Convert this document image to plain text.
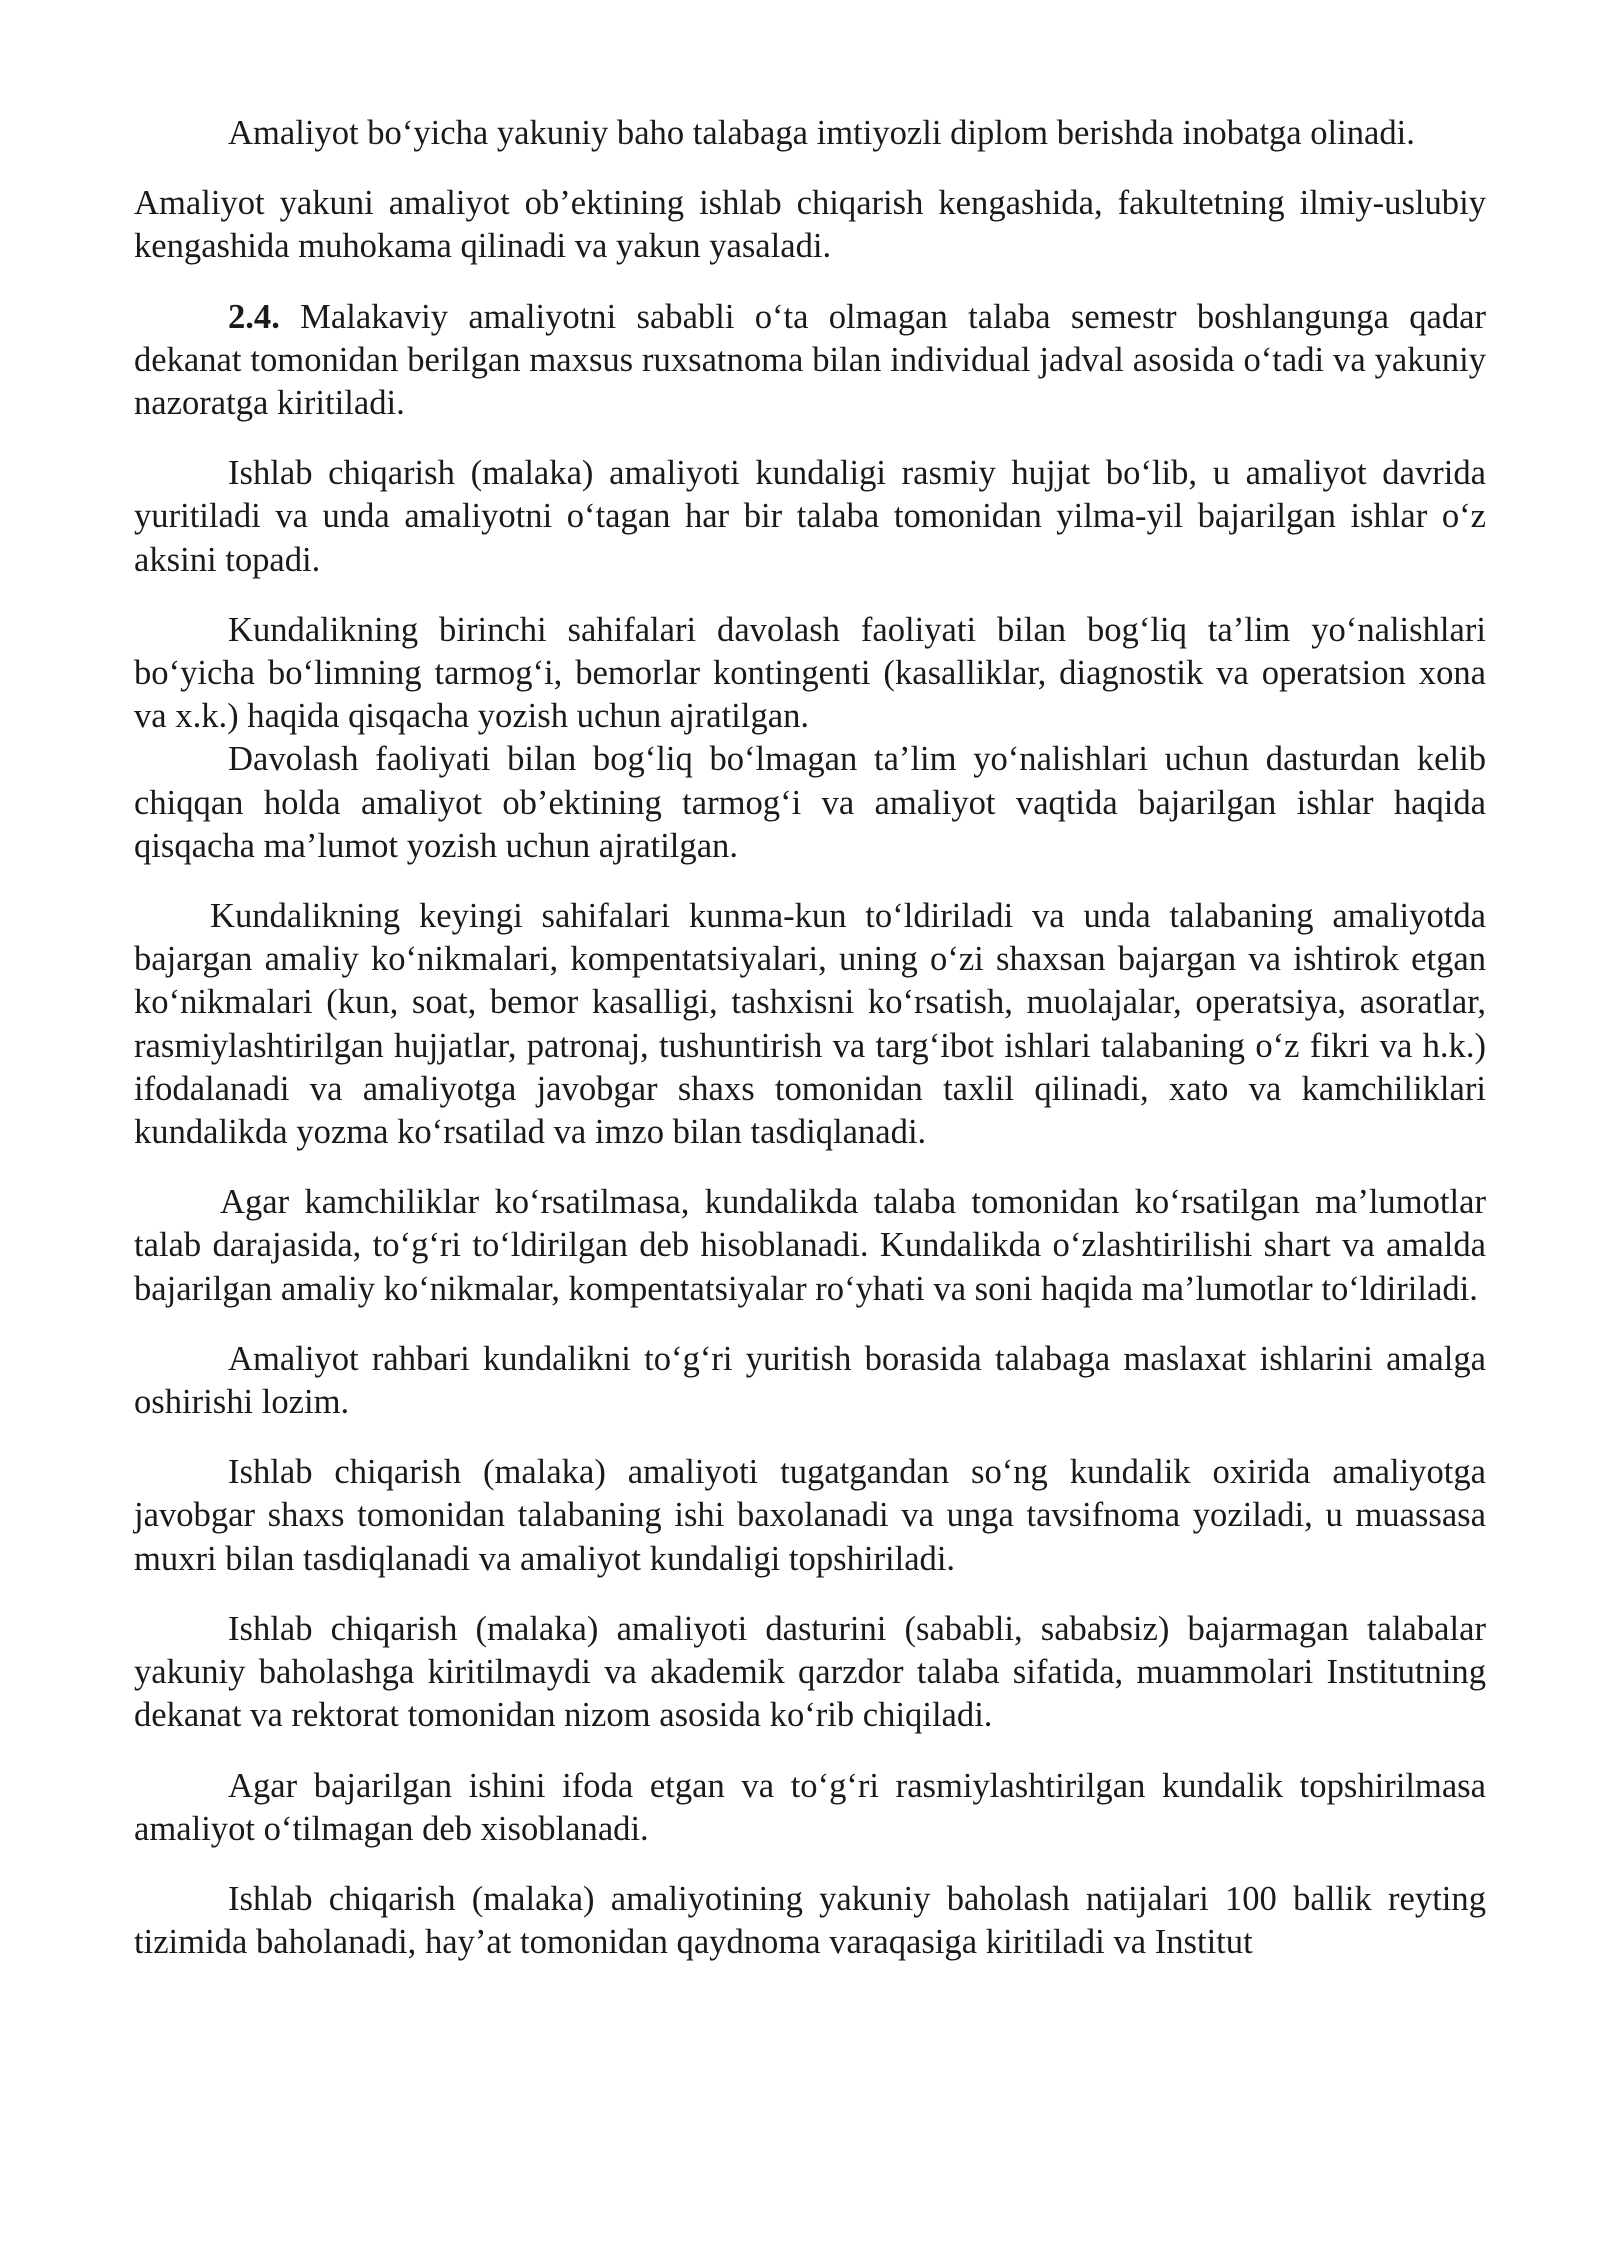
Amaliyot bo‘yicha yakuniy baho talabaga imtiyozli diplom berishda inobatga olinadi.

Amaliyot yakuni amaliyot ob’ektining ishlab chiqarish kengashida, fakultetning ilmiy-uslubiy kengashida muhokama qilinadi va yakun yasaladi.

2.4. Malakaviy amaliyotni sababli o‘ta olmagan talaba semestr boshlangunga qadar dekanat tomonidan berilgan maxsus ruxsatnoma bilan individual jadval asosida o‘tadi va yakuniy nazoratga kiritiladi.

Ishlab chiqarish (malaka) amaliyoti kundaligi rasmiy hujjat bo‘lib, u amaliyot davrida yuritiladi va unda amaliyotni o‘tagan har bir talaba tomonidan yilma-yil bajarilgan ishlar o‘z aksini topadi.

Kundalikning birinchi sahifalari davolash faoliyati bilan bog‘liq ta’lim yo‘nalishlari bo‘yicha bo‘limning tarmog‘i, bemorlar kontingenti (kasalliklar, diagnostik va operatsion xona va x.k.) haqida qisqacha yozish uchun ajratilgan.

Davolash faoliyati bilan bog‘liq bo‘lmagan ta’lim yo‘nalishlari uchun dasturdan kelib chiqqan holda amaliyot ob’ektining tarmog‘i va amaliyot vaqtida bajarilgan ishlar haqida qisqacha ma’lumot yozish uchun ajratilgan.

Kundalikning keyingi sahifalari kunma-kun to‘ldiriladi va unda talabaning amaliyotda bajargan amaliy ko‘nikmalari, kompentatsiyalari, uning o‘zi shaxsan bajargan va ishtirok etgan ko‘nikmalari (kun, soat, bemor kasalligi, tashxisni ko‘rsatish, muolajalar, operatsiya, asoratlar, rasmiylashtirilgan hujjatlar, patronaj, tushuntirish va targ‘ibot ishlari talabaning o‘z fikri va h.k.) ifodalanadi va amaliyotga javobgar shaxs tomonidan taxlil qilinadi, xato va kamchiliklari kundalikda yozma ko‘rsatilad va imzo bilan tasdiqlanadi.

Agar kamchiliklar ko‘rsatilmasa, kundalikda talaba tomonidan ko‘rsatilgan ma’lumotlar talab darajasida, to‘g‘ri to‘ldirilgan deb hisoblanadi. Kundalikda o‘zlashtirilishi shart va amalda bajarilgan amaliy ko‘nikmalar, kompentatsiyalar ro‘yhati va soni haqida ma’lumotlar to‘ldiriladi.

Amaliyot rahbari kundalikni to‘g‘ri yuritish borasida talabaga maslaxat ishlarini amalga oshirishi lozim.

Ishlab chiqarish (malaka) amaliyoti tugatgandan so‘ng kundalik oxirida amaliyotga javobgar shaxs tomonidan talabaning ishi baxolanadi va unga tavsifnoma yoziladi, u muassasa muxri bilan tasdiqlanadi va amaliyot kundaligi topshiriladi.

Ishlab chiqarish (malaka) amaliyoti dasturini (sababli, sababsiz) bajarmagan talabalar yakuniy baholashga kiritilmaydi va akademik qarzdor talaba sifatida, muammolari Institutning dekanat va rektorat tomonidan nizom asosida ko‘rib chiqiladi.

Agar bajarilgan ishini ifoda etgan va to‘g‘ri rasmiylashtirilgan kundalik topshirilmasa amaliyot o‘tilmagan deb xisoblanadi.

Ishlab chiqarish (malaka) amaliyotining yakuniy baholash natijalari 100 ballik reyting tizimida baholanadi, hay’at tomonidan qaydnoma varaqasiga kiritiladi va Institut
